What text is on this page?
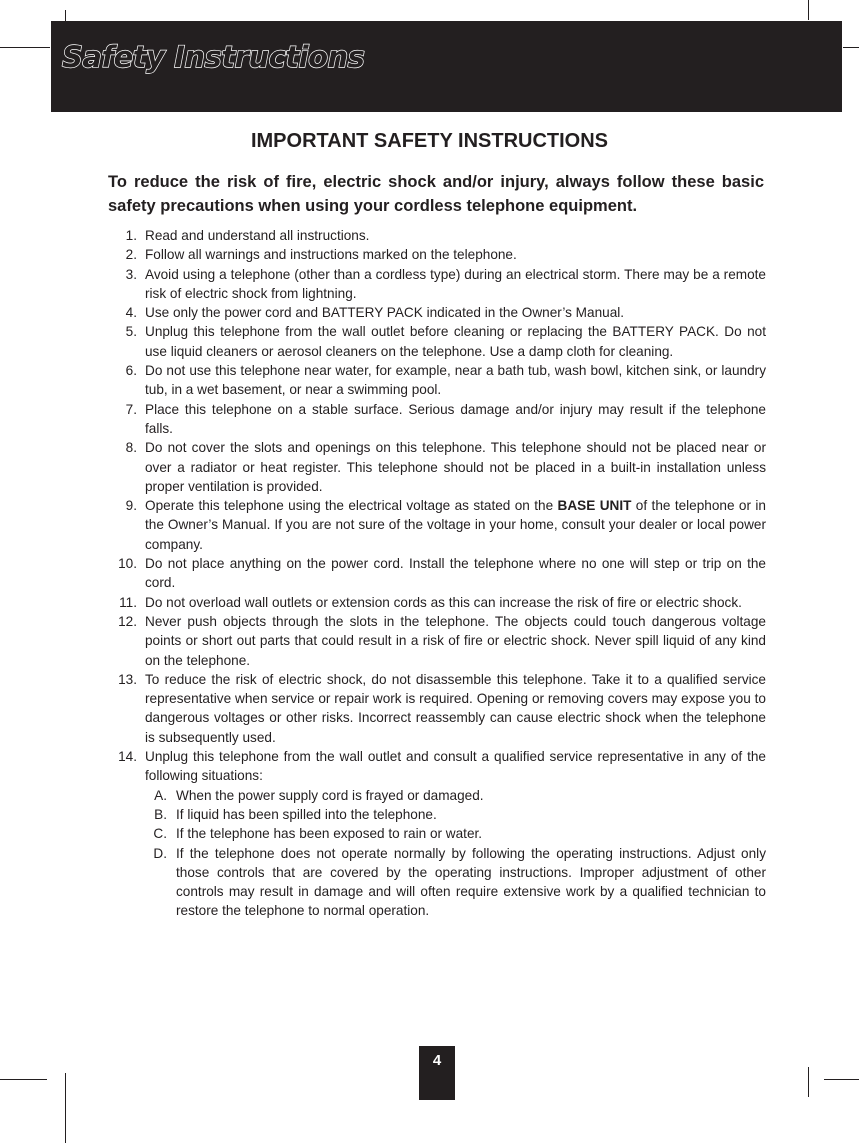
Safety Instructions
IMPORTANT SAFETY INSTRUCTIONS

To reduce the risk of fire, electric shock and/or injury, always follow these basic safety precautions when using your cordless telephone equipment.

1. Read and understand all instructions.
2. Follow all warnings and instructions marked on the telephone.
3. Avoid using a telephone (other than a cordless type) during an electrical storm. There may be a remote risk of electric shock from lightning.
4. Use only the power cord and BATTERY PACK indicated in the Owner’s Manual.
5. Unplug this telephone from the wall outlet before cleaning or replacing the BATTERY PACK. Do not use liquid cleaners or aerosol cleaners on the telephone. Use a damp cloth for cleaning.
6. Do not use this telephone near water, for example, near a bath tub, wash bowl, kitchen sink, or laundry tub, in a wet basement, or near a swimming pool.
7. Place this telephone on a stable surface. Serious damage and/or injury may result if the telephone falls.
8. Do not cover the slots and openings on this telephone. This telephone should not be placed near or over a radiator or heat register. This telephone should not be placed in a built-in installation unless proper ventilation is provided.
9. Operate this telephone using the electrical voltage as stated on the BASE UNIT of the telephone or in the Owner’s Manual. If you are not sure of the voltage in your home, consult your dealer or local power company.
10. Do not place anything on the power cord. Install the telephone where no one will step or trip on the cord.
11. Do not overload wall outlets or extension cords as this can increase the risk of fire or electric shock.
12. Never push objects through the slots in the telephone. The objects could touch dangerous voltage points or short out parts that could result in a risk of fire or electric shock. Never spill liquid of any kind on the telephone.
13. To reduce the risk of electric shock, do not disassemble this telephone. Take it to a qualified service representative when service or repair work is required. Opening or removing covers may expose you to dangerous voltages or other risks. Incorrect reassembly can cause electric shock when the telephone is subsequently used.
14. Unplug this telephone from the wall outlet and consult a qualified service representative in any of the following situations:
A. When the power supply cord is frayed or damaged.
B. If liquid has been spilled into the telephone.
C. If the telephone has been exposed to rain or water.
D. If the telephone does not operate normally by following the operating instructions. Adjust only those controls that are covered by the operating instructions. Improper adjustment of other controls may result in damage and will often require extensive work by a qualified technician to restore the telephone to normal operation.
4
